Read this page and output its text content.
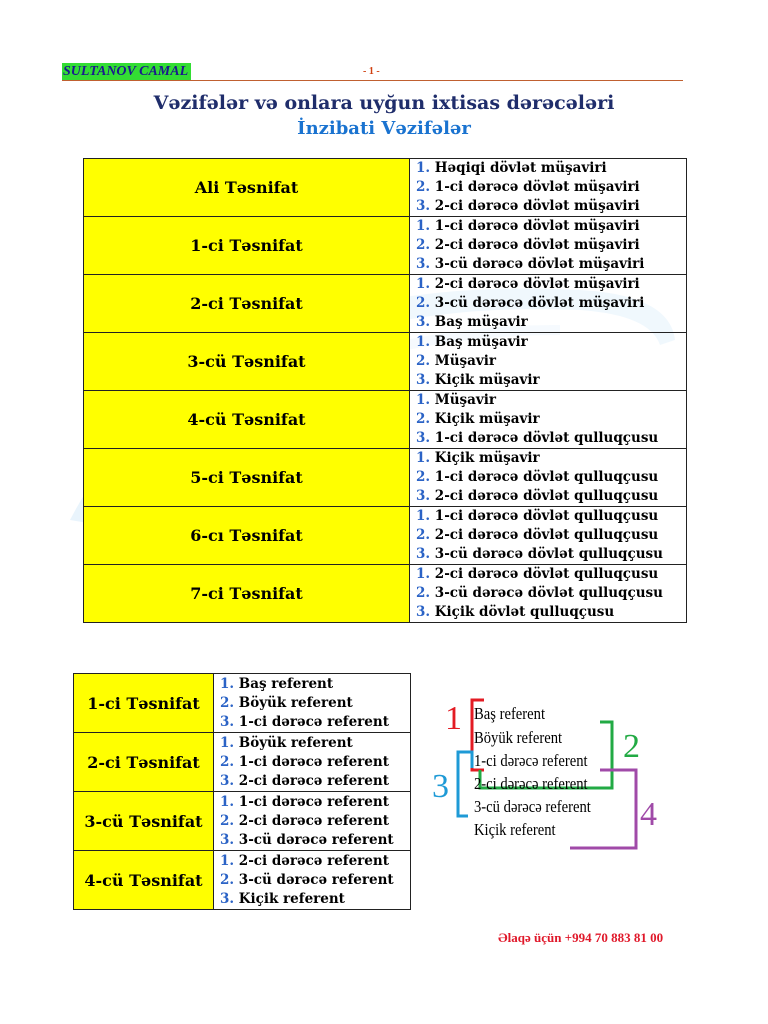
SULTANOV CAMAL	- 1 -
Vəzifələr və onlara uyğun ixtisas dərəcələri
İnzibati Vəzifələr
Ali Təsnifat	1. Həqiqi dövlət müşaviri
2. 1-ci dərəcə dövlət müşaviri
3. 2-ci dərəcə dövlət müşaviri

1-ci Təsnifat	1. 1-ci dərəcə dövlət müşaviri
2. 2-ci dərəcə dövlət müşaviri
3. 3-cü dərəcə dövlət müşaviri

2-ci Təsnifat	1. 2-ci dərəcə dövlət müşaviri
2. 3-cü dərəcə dövlət müşaviri
3. Baş müşavir

3-cü Təsnifat	1. Baş müşavir
2. Müşavir
3. Kiçik müşavir

4-cü Təsnifat	1. Müşavir
2. Kiçik müşavir
3. 1-ci dərəcə dövlət qulluqçusu

5-ci Təsnifat	1. Kiçik müşavir
2. 1-ci dərəcə dövlət qulluqçusu
3. 2-ci dərəcə dövlət qulluqçusu

6-cı Təsnifat	1. 1-ci dərəcə dövlət qulluqçusu
2. 2-ci dərəcə dövlət qulluqçusu
3. 3-cü dərəcə dövlət qulluqçusu

7-ci Təsnifat	1. 2-ci dərəcə dövlət qulluqçusu
2. 3-cü dərəcə dövlət qulluqçusu
3. Kiçik dövlət qulluqçusu
1-ci Təsnifat	1. Baş referent
2. Böyük referent
3. 1-ci dərəcə referent

2-ci Təsnifat	1. Böyük referent
2. 1-ci dərəcə referent
3. 2-ci dərəcə referent

3-cü Təsnifat	1. 1-ci dərəcə referent
2. 2-ci dərəcə referent
3. 3-cü dərəcə referent

4-cü Təsnifat	1. 2-ci dərəcə referent
2. 3-cü dərəcə referent
3. Kiçik referent
Baş referent
Böyük referent
1-ci dərəcə referent
2-ci dərəcə referent
3-cü dərəcə referent
Kiçik referent
1
2
3
4
Əlaqə üçün +994 70 883 81 00
